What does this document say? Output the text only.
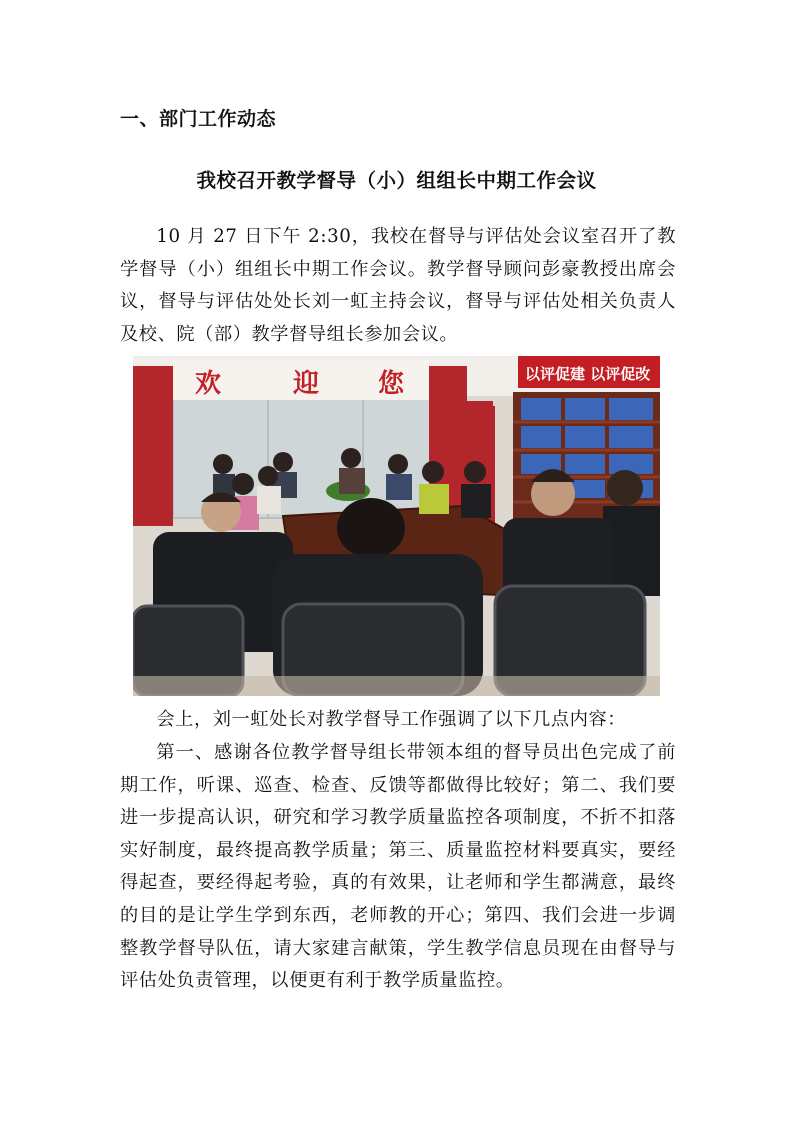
一、部门工作动态
我校召开教学督导（小）组组长中期工作会议

10 月 27 日下午 2:30，我校在督导与评估处会议室召开了教学督导（小）组组长中期工作会议。教学督导顾问彭豪教授出席会议，督导与评估处处长刘一虹主持会议，督导与评估处相关负责人及校、院（部）教学督导组长参加会议。

欢	迎 您	以评促建 以评促改

会上，刘一虹处长对教学督导工作强调了以下几点内容：

第一、感谢各位教学督导组长带领本组的督导员出色完成了前期工作，听课、巡查、检查、反馈等都做得比较好；第二、我们要进一步提高认识，研究和学习教学质量监控各项制度，不折不扣落实好制度，最终提高教学质量；第三、质量监控材料要真实，要经得起查，要经得起考验，真的有效果，让老师和学生都满意，最终的目的是让学生学到东西，老师教的开心；第四、我们会进一步调整教学督导队伍，请大家建言献策，学生教学信息员现在由督导与评估处负责管理，以便更有利于教学质量监控。
